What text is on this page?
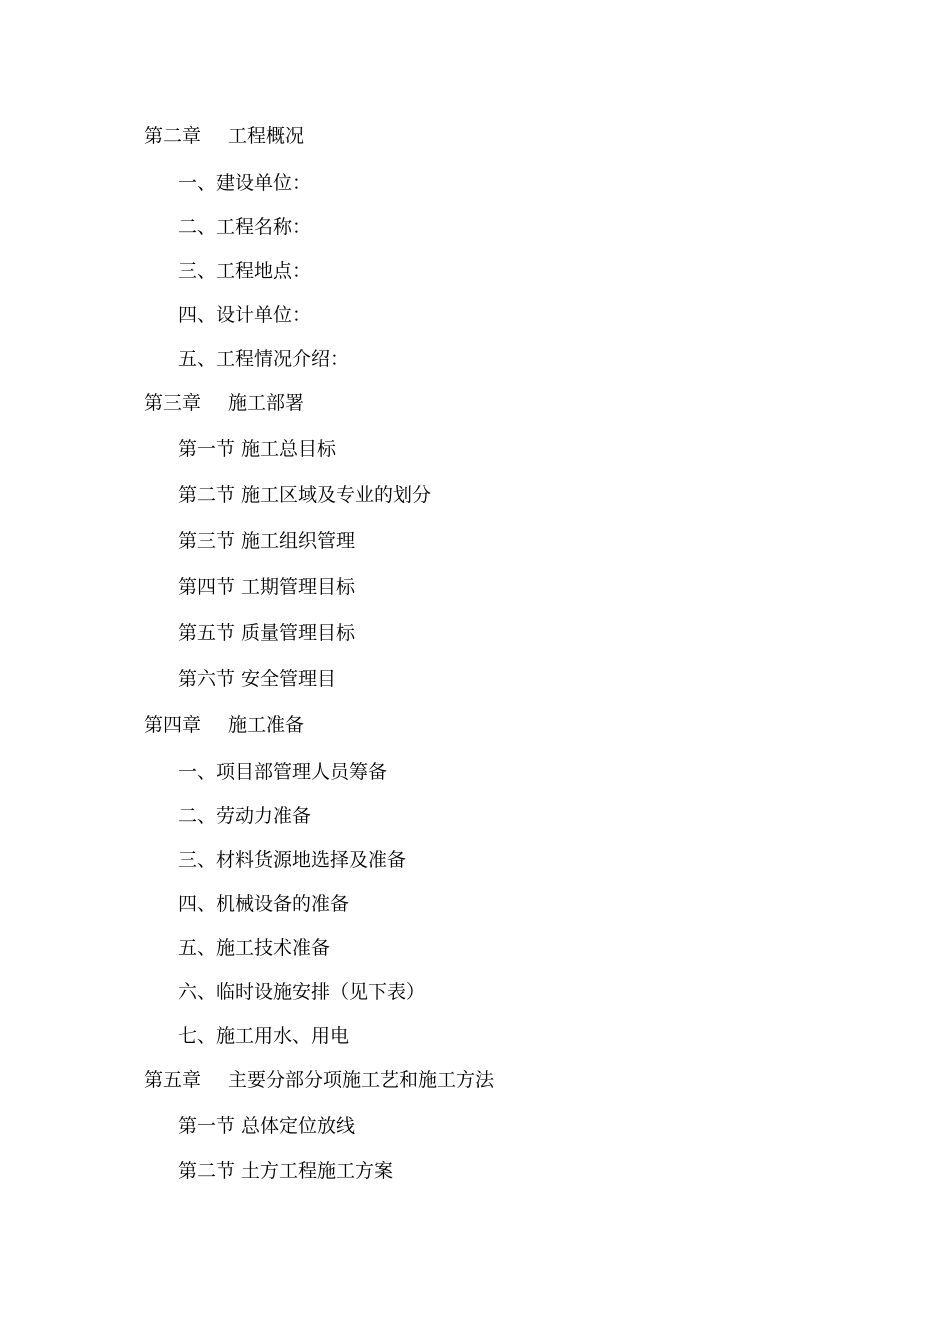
第二章 工程概况
一、建设单位：
二、工程名称：
三、工程地点：
四、设计单位：
五、工程情况介绍：
第三章 施工部署
第一节 施工总目标
第二节 施工区域及专业的划分
第三节 施工组织管理
第四节 工期管理目标
第五节 质量管理目标
第六节 安全管理目
第四章 施工准备
一、项目部管理人员筹备
二、劳动力准备
三、材料货源地选择及准备
四、机械设备的准备
五、施工技术准备
六、临时设施安排（见下表）
七、施工用水、用电
第五章 主要分部分项施工艺和施工方法
第一节 总体定位放线
第二节 土方工程施工方案
